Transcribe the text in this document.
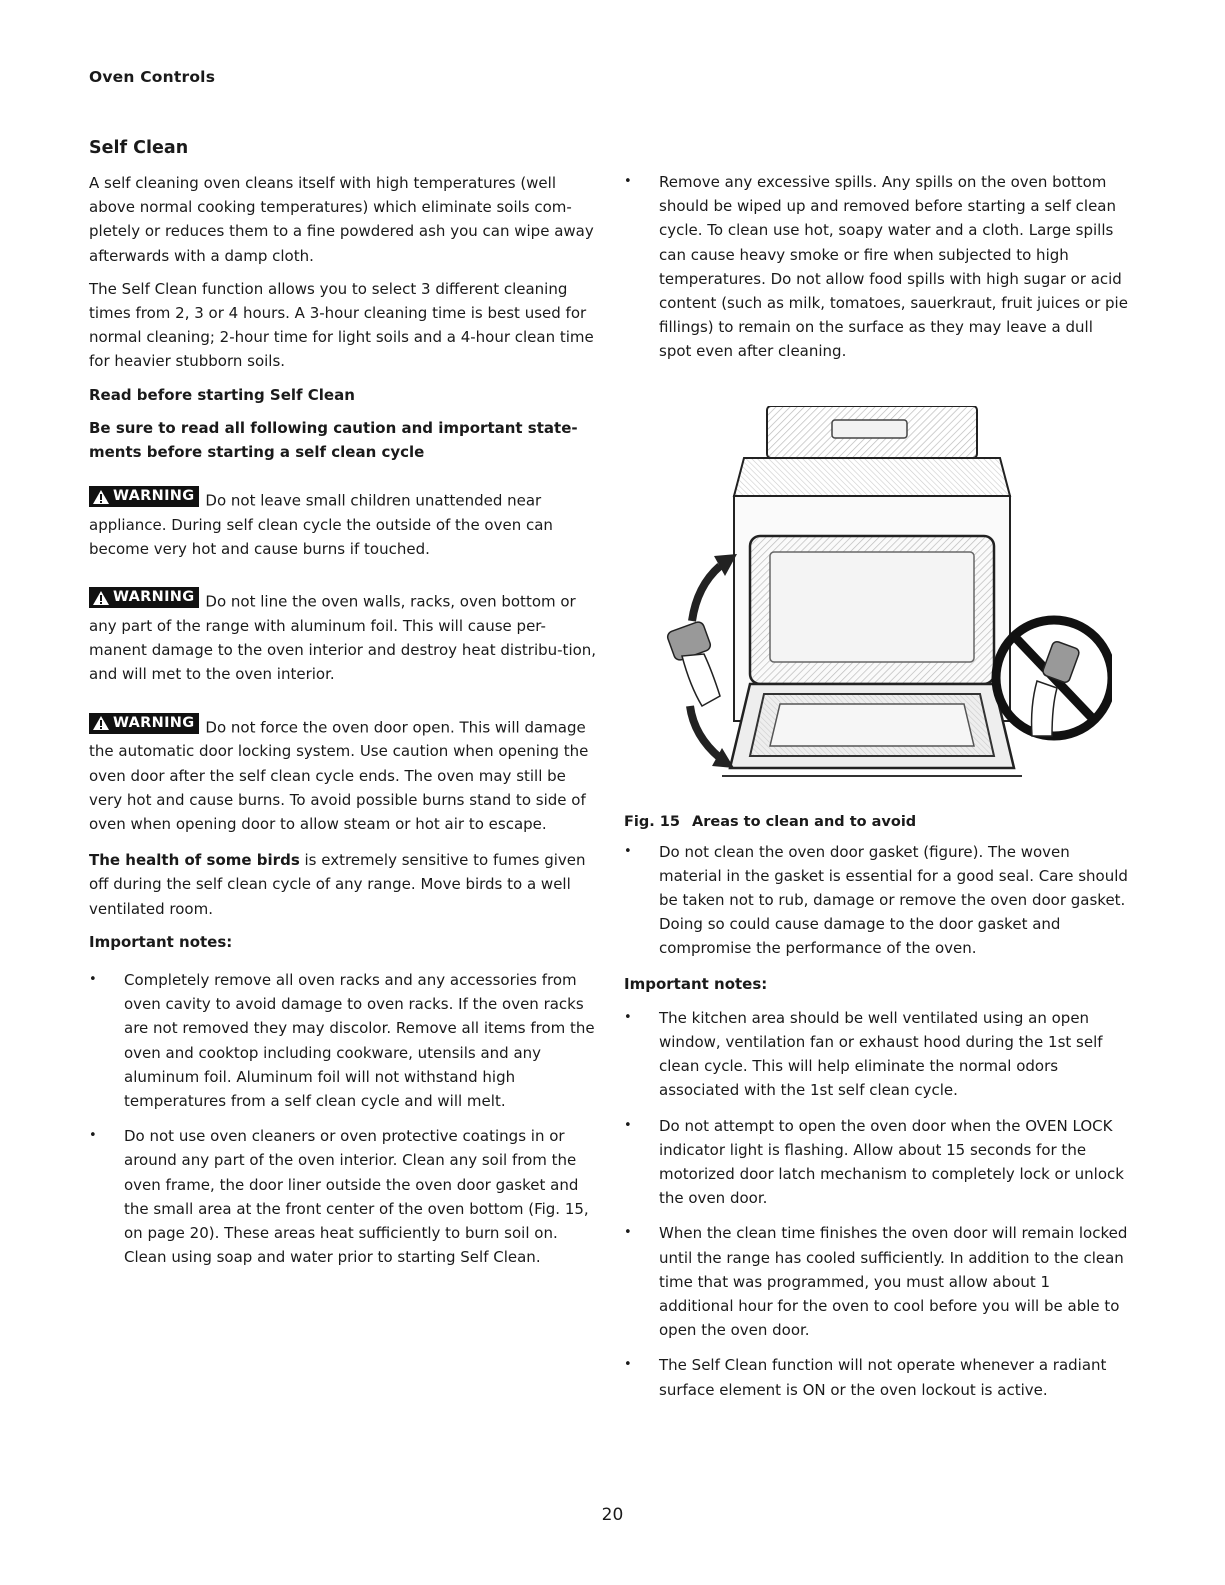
Oven Controls
Self Clean

A self cleaning oven cleans itself with high temperatures (well above normal cooking temperatures) which eliminate soils com-pletely or reduces them to a fine powdered ash you can wipe away afterwards with a damp cloth.

The Self Clean function allows you to select 3 different cleaning times from 2, 3 or 4 hours. A 3-hour cleaning time is best used for normal cleaning; 2-hour time for light soils and a 4-hour clean time for heavier stubborn soils.

Read before starting Self Clean
Be sure to read all following caution and important state-ments before starting a self clean cycle
WARNING Do not leave small children unattended near appliance. During self clean cycle the outside of the oven can become very hot and cause burns if touched.
WARNING Do not line the oven walls, racks, oven bottom or any part of the range with aluminum foil. This will cause per-manent damage to the oven interior and destroy heat distribu-tion, and will met to the oven interior.
WARNING Do not force the oven door open. This will damage the automatic door locking system. Use caution when opening the oven door after the self clean cycle ends. The oven may still be very hot and cause burns. To avoid possible burns stand to side of oven when opening door to allow steam or hot air to escape.

The health of some birds is extremely sensitive to fumes given off during the self clean cycle of any range. Move birds to a well ventilated room.

Important notes:
• Completely remove all oven racks and any accessories from oven cavity to avoid damage to oven racks. If the oven racks are not removed they may discolor. Remove all items from the oven and cooktop including cookware, utensils and any aluminum foil. Aluminum foil will not withstand high temperatures from a self clean cycle and will melt.
• Do not use oven cleaners or oven protective coatings in or around any part of the oven interior. Clean any soil from the oven frame, the door liner outside the oven door gasket and the small area at the front center of the oven bottom (Fig. 15, on page 20). These areas heat sufficiently to burn soil on. Clean using soap and water prior to starting Self Clean.
• Remove any excessive spills. Any spills on the oven bottom should be wiped up and removed before starting a self clean cycle. To clean use hot, soapy water and a cloth. Large spills can cause heavy smoke or fire when subjected to high temperatures. Do not allow food spills with high sugar or acid content (such as milk, tomatoes, sauerkraut, fruit juices or pie fillings) to remain on the surface as they may leave a dull spot even after cleaning.
Fig. 15 Areas to clean and to avoid
• Do not clean the oven door gasket (figure). The woven material in the gasket is essential for a good seal. Care should be taken not to rub, damage or remove the oven door gasket. Doing so could cause damage to the door gasket and compromise the performance of the oven.
Important notes:
• The kitchen area should be well ventilated using an open window, ventilation fan or exhaust hood during the 1st self clean cycle. This will help eliminate the normal odors associated with the 1st self clean cycle.
• Do not attempt to open the oven door when the OVEN LOCK indicator light is flashing. Allow about 15 seconds for the motorized door latch mechanism to completely lock or unlock the oven door.
• When the clean time finishes the oven door will remain locked until the range has cooled sufficiently. In addition to the clean time that was programmed, you must allow about 1 additional hour for the oven to cool before you will be able to open the oven door.
• The Self Clean function will not operate whenever a radiant surface element is ON or the oven lockout is active.
20
